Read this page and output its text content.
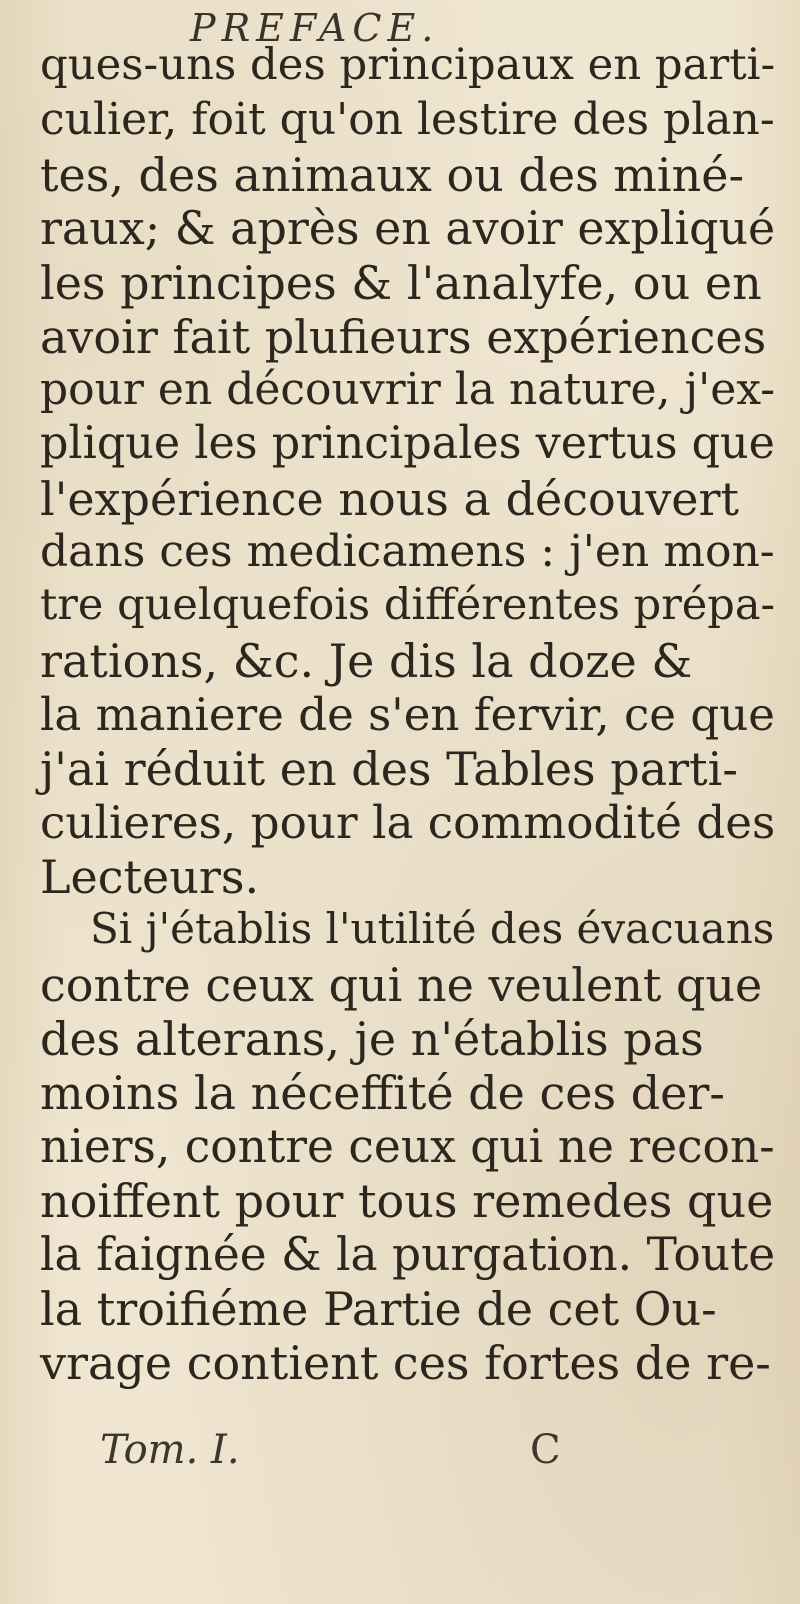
PREFACE.
ques-uns des principaux en parti-
culier, foit qu'on lestire des plan-
tes, des animaux ou des miné-
raux; & après en avoir expliqué
les principes & l'analyfe, ou en
avoir fait plufieurs expériences
pour en découvrir la nature, j'ex-
plique les principales vertus que
l'expérience nous a découvert
dans ces medicamens : j'en mon-
tre quelquefois différentes prépa-
rations, &c. Je dis la doze &
la maniere de s'en fervir, ce que
j'ai réduit en des Tables parti-
culieres, pour la commodité des
Lecteurs.
Si j'établis l'utilité des évacuans
contre ceux qui ne veulent que
des alterans, je n'établis pas
moins la néceffité de ces der-
niers, contre ceux qui ne recon-
noiffent pour tous remedes que
la faignée & la purgation. Toute
la troifiéme Partie de cet Ou-
vrage contient ces fortes de re-
Tom. I.	C
